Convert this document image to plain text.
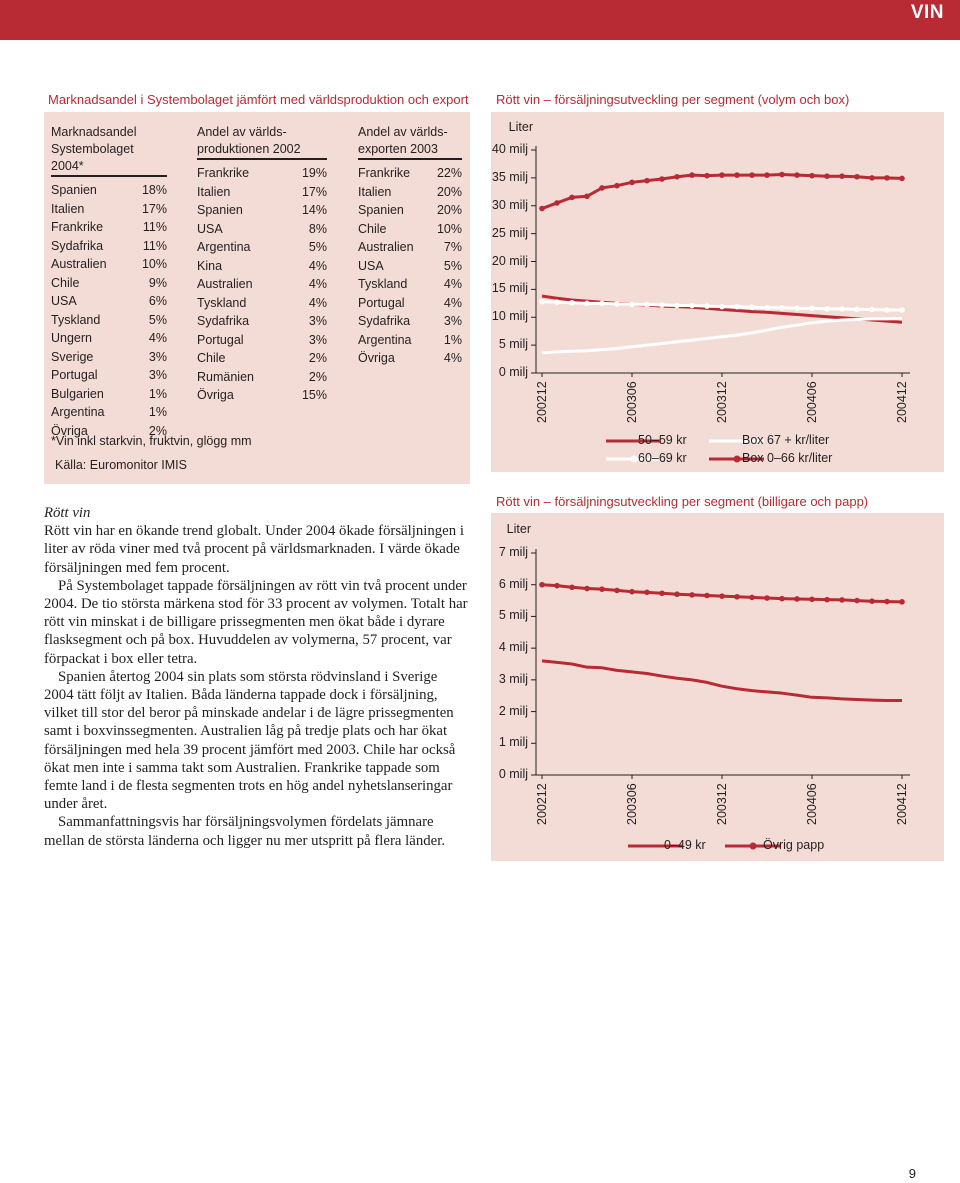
VIN
Marknadsandel i Systembolaget jämfört med världsproduktion och export
Marknadsandel
Systembolaget 2004*
Spanien	18%
Italien	17%
Frankrike	11%
Sydafrika	11%
Australien	10%
Chile	9%
USA	6%
Tyskland	5%
Ungern	4%
Sverige	3%
Portugal	3%
Bulgarien	1%
Argentina	1%
Övriga	2%
Andel av världs-
produktionen 2002
Frankrike	19%
Italien	17%
Spanien	14%
USA	8%
Argentina	5%
Kina	4%
Australien	4%
Tyskland	4%
Sydafrika	3%
Portugal	3%
Chile	2%
Rumänien	2%
Övriga	15%
Andel av världs-
exporten 2003
Frankrike 22%
Italien	20%
Spanien	20%
Chile	10%
Australien 7%
USA	5%
Tyskland	4%
Portugal	4%
Sydafrika	3%
Argentina	1%
Övriga	4%
*Vin inkl starkvin, fruktvin, glögg mm
Källa: Euromonitor IMIS
Rött vin

Rött vin har en ökande trend globalt. Under 2004 ökade försäljningen i liter av röda viner med två procent på världsmarknaden. I värde ökade försäljningen med fem procent.

På Systembolaget tappade försäljningen av rött vin två procent under 2004. De tio största märkena stod för 33 procent av volymen. Totalt har rött vin minskat i de billigare prissegmenten men ökat både i dyrare flasksegment och på box. Huvuddelen av volymerna, 57 procent, var förpackat i box eller tetra.

Spanien återtog 2004 sin plats som största rödvinsland i Sverige 2004 tätt följt av Italien. Båda länderna tappade dock i försäljning, vilket till stor del beror på minskade andelar i de lägre prissegmenten samt i boxvinssegmenten. Australien låg på tredje plats och har ökat försäljningen med hela 39 procent jämfört med 2003. Chile har också ökat men inte i samma takt som Australien. Frankrike tappade som femte land i de flesta segmenten trots en hög andel nyhetslanseringar under året.

Sammanfattningsvis har försäljningsvolymen fördelats jämnare mellan de största länderna och ligger nu mer utspritt på flera länder.

Rött vin – försäljningsutveckling per segment (volym och box)
Liter
0 milj
5 milj
10 milj
15 milj
20 milj
25 milj
30 milj
35 milj
40 milj
200212	200306	200312	200406	200412
50–59 kr
60–69 kr
Box 67 + kr/liter
Box 0–66 kr/liter
Rött vin – försäljningsutveckling per segment (billigare och papp)
Liter
0 milj
1 milj
2 milj
3 milj
4 milj
5 milj
6 milj
7 milj
200212	200306	200312	200406	200412
0–49 kr	Övrig papp
9
